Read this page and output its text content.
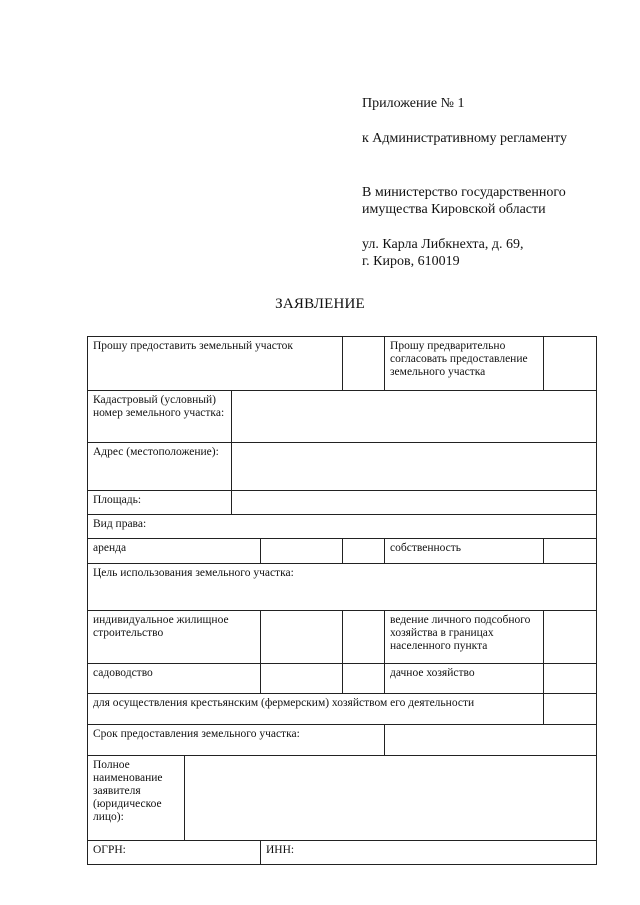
Приложение № 1
к Административному регламенту
В министерство государственного
имущества Кировской области
ул. Карла Либкнехта, д. 69,
г. Киров, 610019
ЗАЯВЛЕНИЕ
Прошу предоставить земельный участок					Прошу предварительно согласовать предоставление земельного участка	
Кадастровый (условный) номер земельного участка:						
Адрес (местоположение):						
Площадь:						
Вид права:						
аренда					собственность	
Цель использования земельного участка:						
индивидуальное жилищное строительство					ведение личного подсобного хозяйства в границах населенного пункта	
садоводство					дачное хозяйство	
для осуществления крестьянским (фермерским) хозяйством его деятельности						
Срок предоставления земельного участка:						
Полное наименование заявителя (юридическое лицо):						
ОГРН:			ИНН:			
